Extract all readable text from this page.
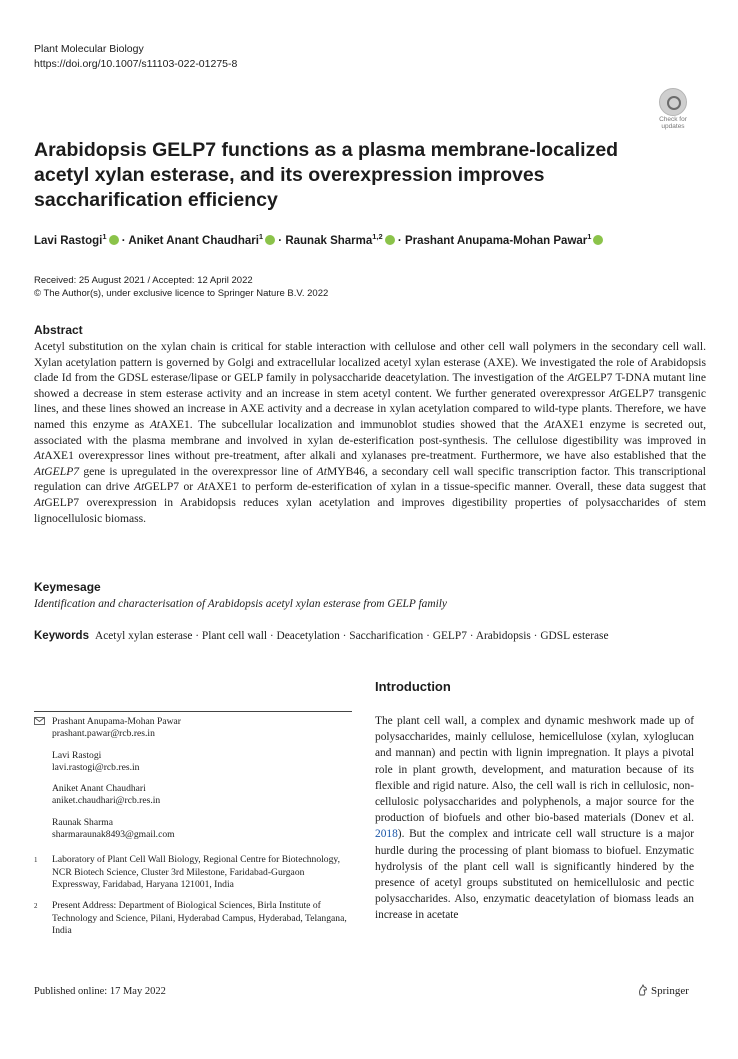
Plant Molecular Biology
https://doi.org/10.1007/s11103-022-01275-8
Check for
updates
Arabidopsis GELP7 functions as a plasma membrane-localized acetyl xylan esterase, and its overexpression improves saccharification efficiency
Lavi Rastogi$^1$ · Aniket Anant Chaudhari$^1$ · Raunak Sharma$^{1,2}$ · Prashant Anupama-Mohan Pawar$^1$
Received: 25 August 2021 / Accepted: 12 April 2022
© The Author(s), under exclusive licence to Springer Nature B.V. 2022
Abstract
Acetyl substitution on the xylan chain is critical for stable interaction with cellulose and other cell wall polymers in the secondary cell wall. Xylan acetylation pattern is governed by Golgi and extracellular localized acetyl xylan esterase (AXE). We investigated the role of Arabidopsis clade Id from the GDSL esterase/lipase or GELP family in polysaccharide deacetylation. The investigation of the AtGELP7 T-DNA mutant line showed a decrease in stem esterase activity and an increase in stem acetyl content. We further generated overexpressor AtGELP7 transgenic lines, and these lines showed an increase in AXE activity and a decrease in xylan acetylation compared to wild-type plants. Therefore, we have named this enzyme as AtAXE1. The subcellular localization and immunoblot studies showed that the AtAXE1 enzyme is secreted out, associated with the plasma membrane and involved in xylan de-esterification post-synthesis. The cellulose digestibility was improved in AtAXE1 overexpressor lines without pre-treatment, after alkali and xylanases pre-treatment. Furthermore, we have also established that the AtGELP7 gene is upregulated in the overexpressor line of AtMYB46, a secondary cell wall specific transcription factor. This transcriptional regulation can drive AtGELP7 or AtAXE1 to perform de-esterification of xylan in a tissue-specific manner. Overall, these data suggest that AtGELP7 overexpression in Arabidopsis reduces xylan acetylation and improves digestibility properties of polysaccharides of stem lignocellulosic biomass.
Keymesage
Identification and characterisation of Arabidopsis acetyl xylan esterase from GELP family
Keywords Acetyl xylan esterase · Plant cell wall · Deacetylation · Saccharification · GELP7 · Arabidopsis · GDSL esterase
Prashant Anupama-Mohan Pawar
prashant.pawar@rcb.res.in
Lavi Rastogi
lavi.rastogi@rcb.res.in
Aniket Anant Chaudhari
aniket.chaudhari@rcb.res.in
Raunak Sharma
sharmaraunak8493@gmail.com
1	Laboratory of Plant Cell Wall Biology, Regional Centre for Biotechnology, NCR Biotech Science, Cluster 3rd Milestone, Faridabad-Gurgaon Expressway, Faridabad, Haryana 121001, India
2	Present Address: Department of Biological Sciences, Birla Institute of Technology and Science, Pilani, Hyderabad Campus, Hyderabad, Telangana, India
Introduction
The plant cell wall, a complex and dynamic meshwork made up of polysaccharides, mainly cellulose, hemicellulose (xylan, xyloglucan and mannan) and pectin with lignin impregnation. It plays a pivotal role in plant growth, development, and maturation because of its flexible and rigid nature. Also, the cell wall is rich in cellulosic, non-cellulosic polysaccharides and polyphenols, a major source for the production of biofuels and other bio-based materials (Donev et al. 2018). But the complex and intricate cell wall structure is a major hurdle during the processing of plant biomass to biofuel. Enzymatic hydrolysis of the plant cell wall is significantly hindered by the presence of acetyl groups substituted on hemicellulosic and pectic polysaccharides. Also, enzymatic deacetylation of biomass leads an increase in acetate
Published online: 17 May 2022	Springer
